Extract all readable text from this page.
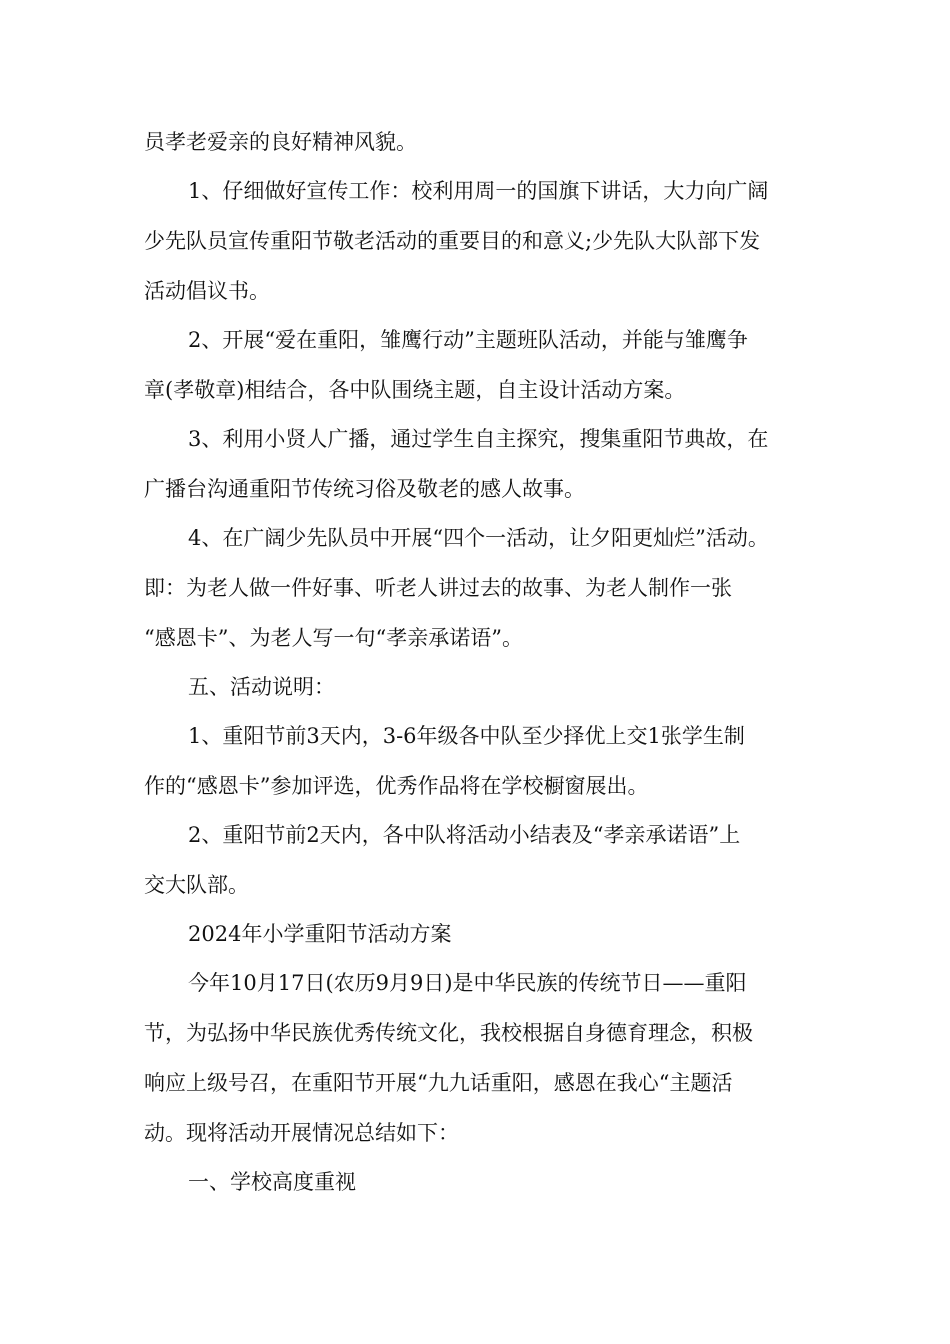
员孝老爱亲的良好精神风貌。

1、仔细做好宣传工作：校利用周一的国旗下讲话，大力向广阔

少先队员宣传重阳节敬老活动的重要目的和意义;少先队大队部下发

活动倡议书。

2、开展“爱在重阳，雏鹰行动”主题班队活动，并能与雏鹰争

章(孝敬章)相结合，各中队围绕主题，自主设计活动方案。

3、利用小贤人广播，通过学生自主探究，搜集重阳节典故，在

广播台沟通重阳节传统习俗及敬老的感人故事。

4、在广阔少先队员中开展“四个一活动，让夕阳更灿烂”活动。

即：为老人做一件好事、听老人讲过去的故事、为老人制作一张

“感恩卡”、为老人写一句“孝亲承诺语”。

五、活动说明：

1、重阳节前3天内，3-6年级各中队至少择优上交1张学生制

作的“感恩卡”参加评选，优秀作品将在学校橱窗展出。

2、重阳节前2天内，各中队将活动小结表及“孝亲承诺语”上

交大队部。

2024年小学重阳节活动方案

今年10月17日(农历9月9日)是中华民族的传统节日——重阳

节，为弘扬中华民族优秀传统文化，我校根据自身德育理念，积极

响应上级号召，在重阳节开展“九九话重阳，感恩在我心“主题活

动。现将活动开展情况总结如下：

一、学校高度重视
